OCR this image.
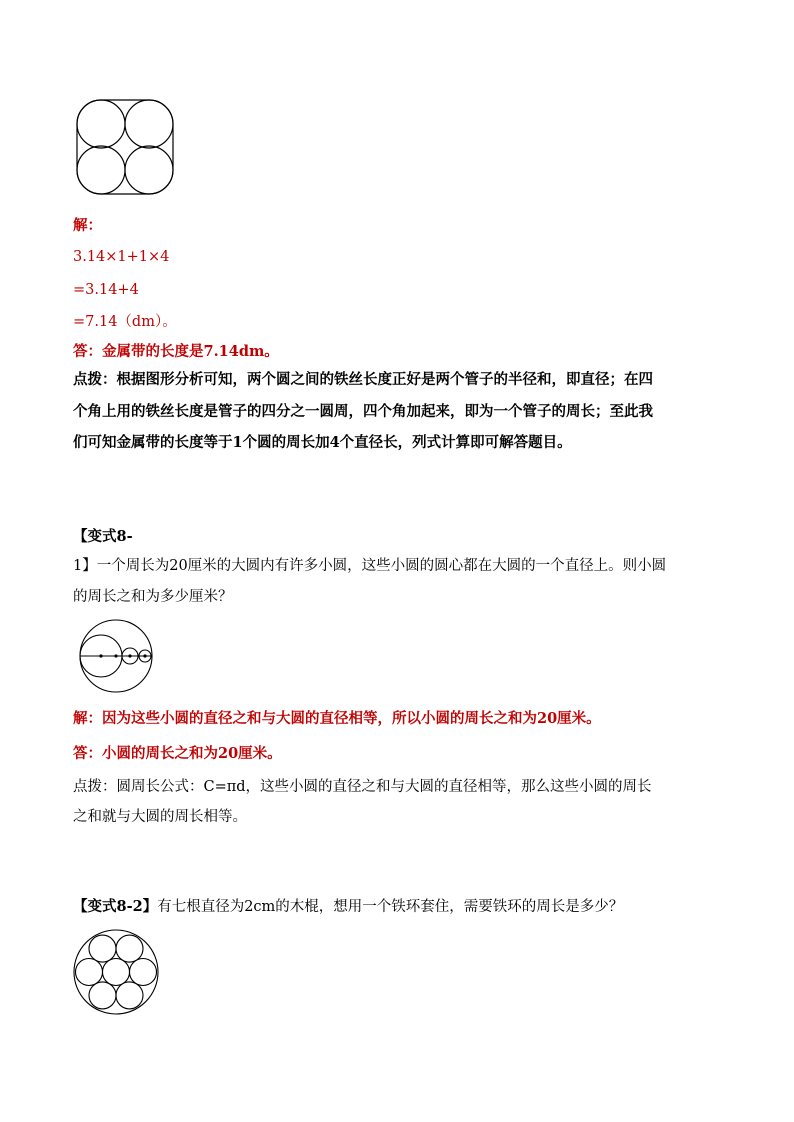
解：
3.14×1+1×4
=3.14+4
=7.14（dm）。
答：金属带的长度是7.14dm。
点拨：根据图形分析可知，两个圆之间的铁丝长度正好是两个管子的半径和，即直径；在四
个角上用的铁丝长度是管子的四分之一圆周，四个角加起来，即为一个管子的周长；至此我
们可知金属带的长度等于1个圆的周长加4个直径长，列式计算即可解答题目。
【变式8-
1】一个周长为20厘米的大圆内有许多小圆，这些小圆的圆心都在大圆的一个直径上。则小圆
的周长之和为多少厘米？
解：因为这些小圆的直径之和与大圆的直径相等，所以小圆的周长之和为20厘米。
答：小圆的周长之和为20厘米。
点拨：圆周长公式：C=πd，这些小圆的直径之和与大圆的直径相等，那么这些小圆的周长
之和就与大圆的周长相等。
【变式8-2】有七根直径为2cm的木棍，想用一个铁环套住，需要铁环的周长是多少？
